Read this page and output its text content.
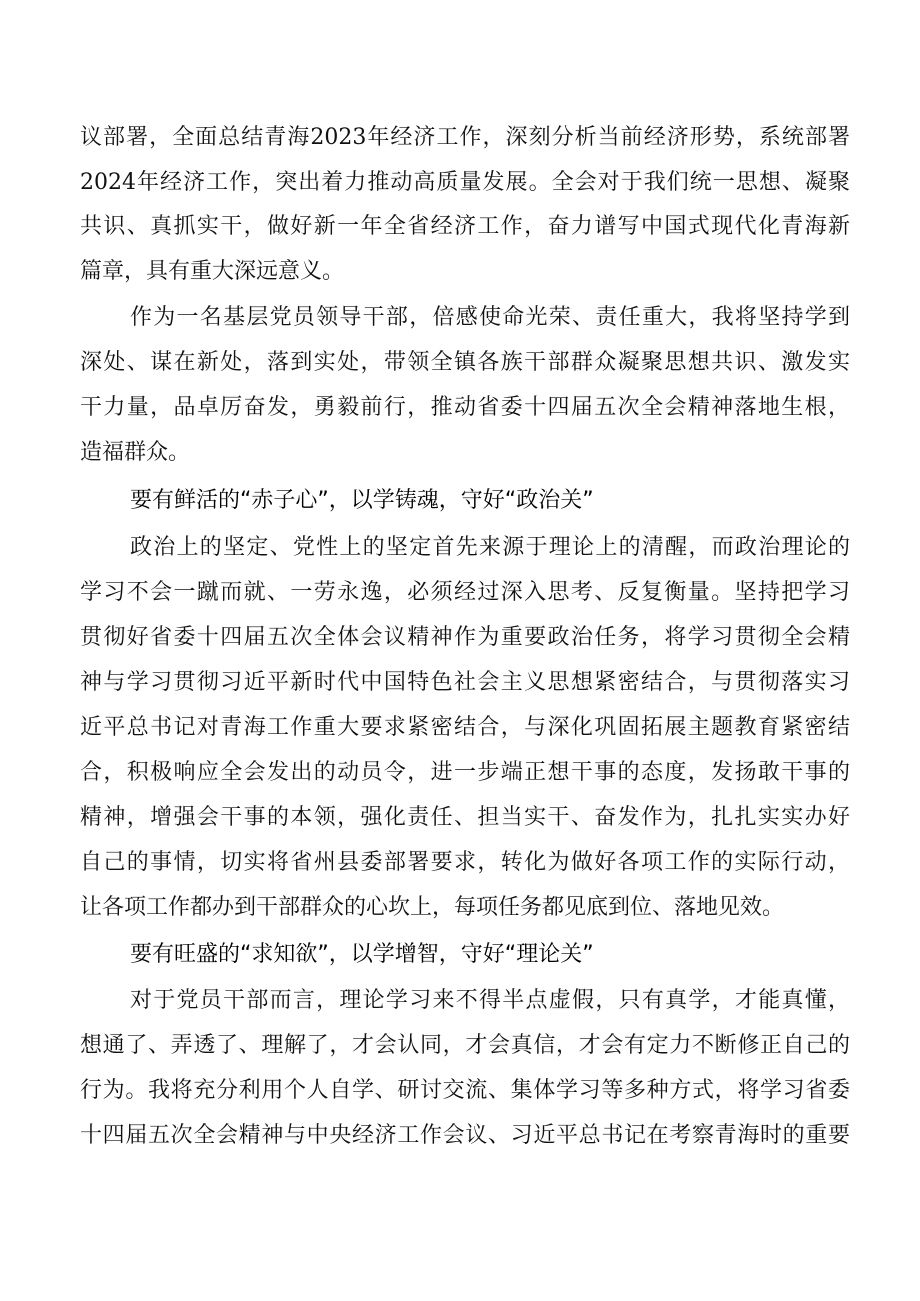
议部署，全面总结青海2023年经济工作，深刻分析当前经济形势，系统部署
2024年经济工作，突出着力推动高质量发展。全会对于我们统一思想、凝聚
共识、真抓实干，做好新一年全省经济工作，奋力谱写中国式现代化青海新
篇章，具有重大深远意义。
作为一名基层党员领导干部，倍感使命光荣、责任重大，我将坚持学到
深处、谋在新处，落到实处，带领全镇各族干部群众凝聚思想共识、激发实
干力量，品卓厉奋发，勇毅前行，推动省委十四届五次全会精神落地生根，
造福群众。
要有鲜活的“赤子心”，以学铸魂，守好“政治关”
政治上的坚定、党性上的坚定首先来源于理论上的清醒，而政治理论的
学习不会一蹴而就、一劳永逸，必须经过深入思考、反复衡量。坚持把学习
贯彻好省委十四届五次全体会议精神作为重要政治任务，将学习贯彻全会精
神与学习贯彻习近平新时代中国特色社会主义思想紧密结合，与贯彻落实习
近平总书记对青海工作重大要求紧密结合，与深化巩固拓展主题教育紧密结
合，积极响应全会发出的动员令，进一步端正想干事的态度，发扬敢干事的
精神，增强会干事的本领，强化责任、担当实干、奋发作为，扎扎实实办好
自己的事情，切实将省州县委部署要求，转化为做好各项工作的实际行动，
让各项工作都办到干部群众的心坎上，每项任务都见底到位、落地见效。
要有旺盛的“求知欲”，以学增智，守好“理论关”
对于党员干部而言，理论学习来不得半点虚假，只有真学，才能真懂，
想通了、弄透了、理解了，才会认同，才会真信，才会有定力不断修正自己的
行为。我将充分利用个人自学、研讨交流、集体学习等多种方式，将学习省委
十四届五次全会精神与中央经济工作会议、习近平总书记在考察青海时的重要
